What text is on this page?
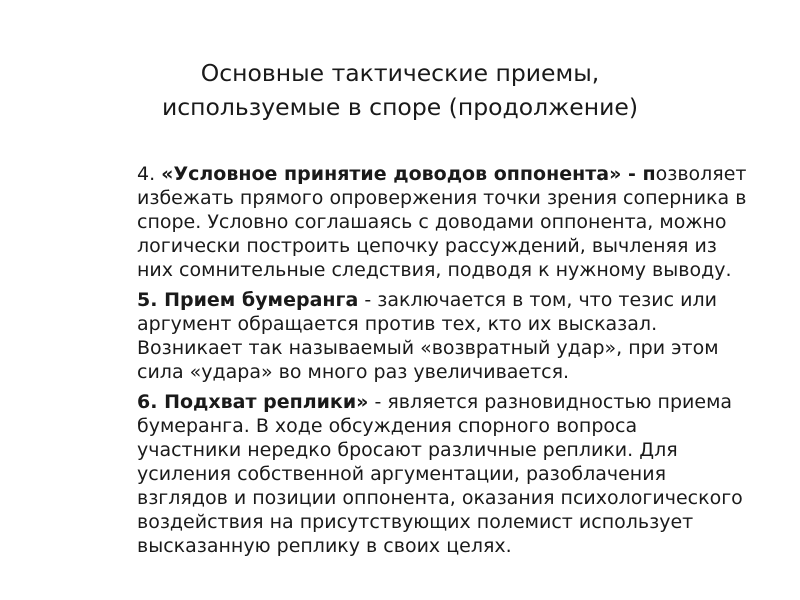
Основные тактические приемы,
используемые в споре (продолжение)

4. «Условное принятие доводов оппонента» - позволяет избежать прямого опровержения точки зрения соперника в споре. Условно соглашаясь с доводами оппонента, можно логически построить цепочку рассуждений, вычленяя из них сомнительные следствия, подводя к нужному выводу.

5. Прием бумеранга - заключается в том, что тезис или аргумент обращается против тех, кто их высказал. Возникает так называемый «возвратный удар», при этом сила «удара» во много раз увеличивается.

6. Подхват реплики» - является разновидностью приема бумеранга. В ходе обсуждения спорного вопроса участники нередко бросают различные реплики. Для усиления собственной аргументации, разоблачения взглядов и позиции оппонента, оказания психологического воздействия на присутствующих полемист использует высказанную реплику в своих целях.
